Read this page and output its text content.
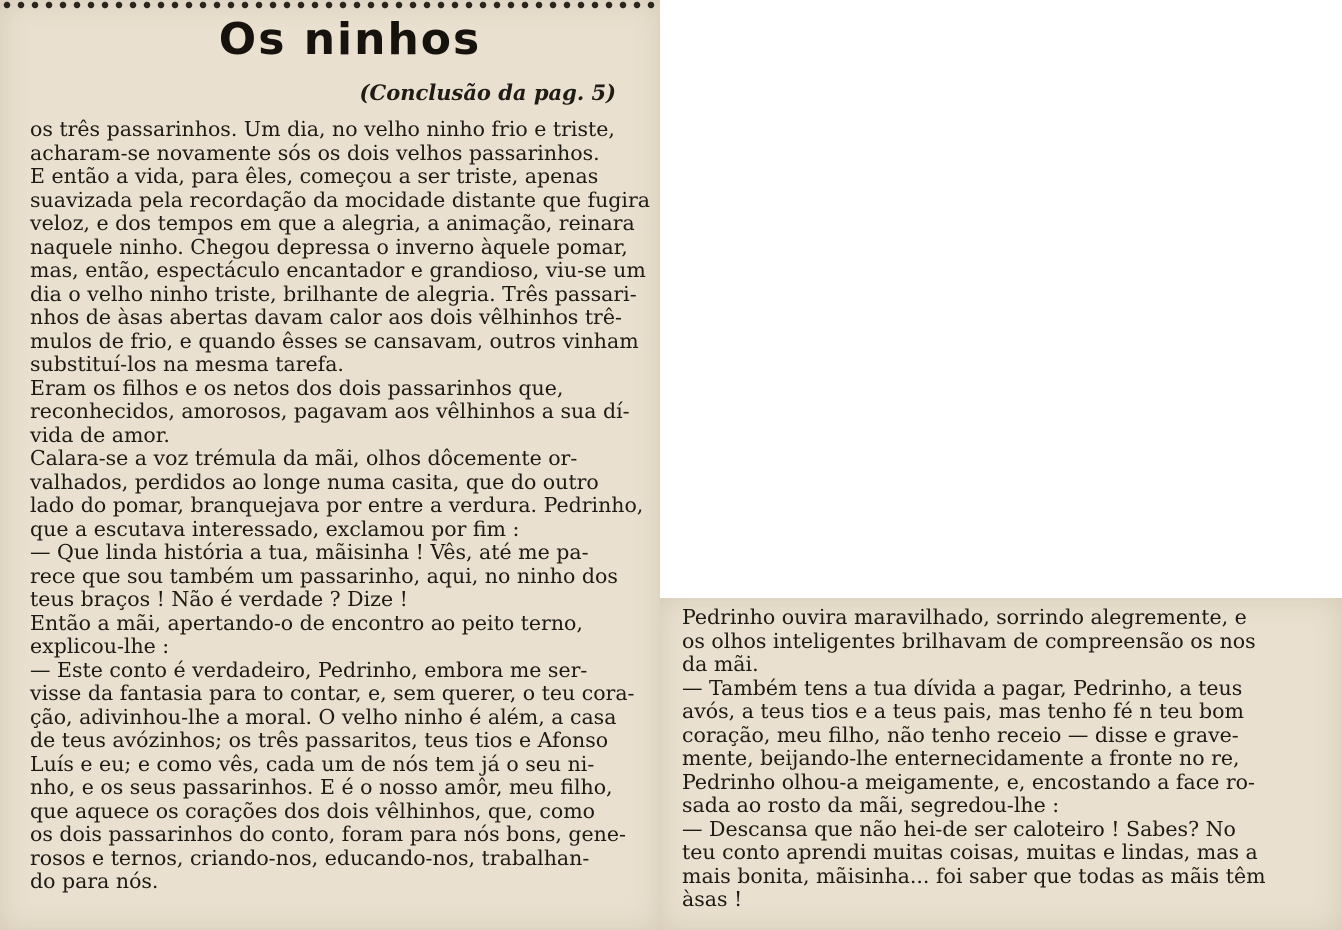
Os ninhos
(Conclusão da pag. 5)

os três passarinhos. Um dia, no velho ninho frio e triste,
acharam-se novamente sós os dois velhos passarinhos.

E então a vida, para êles, começou a ser triste, apenas
suavizada pela recordação da mocidade distante que fugira
veloz, e dos tempos em que a alegria, a animação, reinara
naquele ninho. Chegou depressa o inverno àquele pomar,
mas, então, espectáculo encantador e grandioso, viu-se um
dia o velho ninho triste, brilhante de alegria. Três passari-
nhos de àsas abertas davam calor aos dois vêlhinhos trê-
mulos de frio, e quando êsses se cansavam, outros vinham
substituí-los na mesma tarefa.

Eram os filhos e os netos dos dois passarinhos que,
reconhecidos, amorosos, pagavam aos vêlhinhos a sua dí-
vida de amor.

Calara-se a voz trémula da mãi, olhos dôcemente or-
valhados, perdidos ao longe numa casita, que do outro
lado do pomar, branquejava por entre a verdura. Pedrinho,
que a escutava interessado, exclamou por fim :

— Que linda história a tua, mãisinha ! Vês, até me pa-
rece que sou também um passarinho, aqui, no ninho dos
teus braços ! Não é verdade ? Dize !

Então a mãi, apertando-o de encontro ao peito terno,
explicou-lhe :

— Este conto é verdadeiro, Pedrinho, embora me ser-
visse da fantasia para to contar, e, sem querer, o teu cora-
ção, adivinhou-lhe a moral. O velho ninho é além, a casa
de teus avózinhos; os três passaritos, teus tios e Afonso
Luís e eu; e como vês, cada um de nós tem já o seu ni-
nho, e os seus passarinhos. E é o nosso amôr, meu filho,
que aquece os corações dos dois vêlhinhos, que, como
os dois passarinhos do conto, foram para nós bons, gene-
rosos e ternos, criando-nos, educando-nos, trabalhan-
do para nós.

Pedrinho ouvira maravilhado, sorrindo alegremente, e
os olhos inteligentes brilhavam de compreensão os nos
da mãi.

— Também tens a tua dívida a pagar, Pedrinho, a teus
avós, a teus tios e a teus pais, mas tenho fé n teu bom
coração, meu filho, não tenho receio — disse e grave-
mente, beijando-lhe enternecidamente a fronte no re,

Pedrinho olhou-a meigamente, e, encostando a face ro-
sada ao rosto da mãi, segredou-lhe :

— Descansa que não hei-de ser caloteiro ! Sabes? No
teu conto aprendi muitas coisas, muitas e lindas, mas a
mais bonita, mãisinha... foi saber que todas as mãis têm
àsas !
